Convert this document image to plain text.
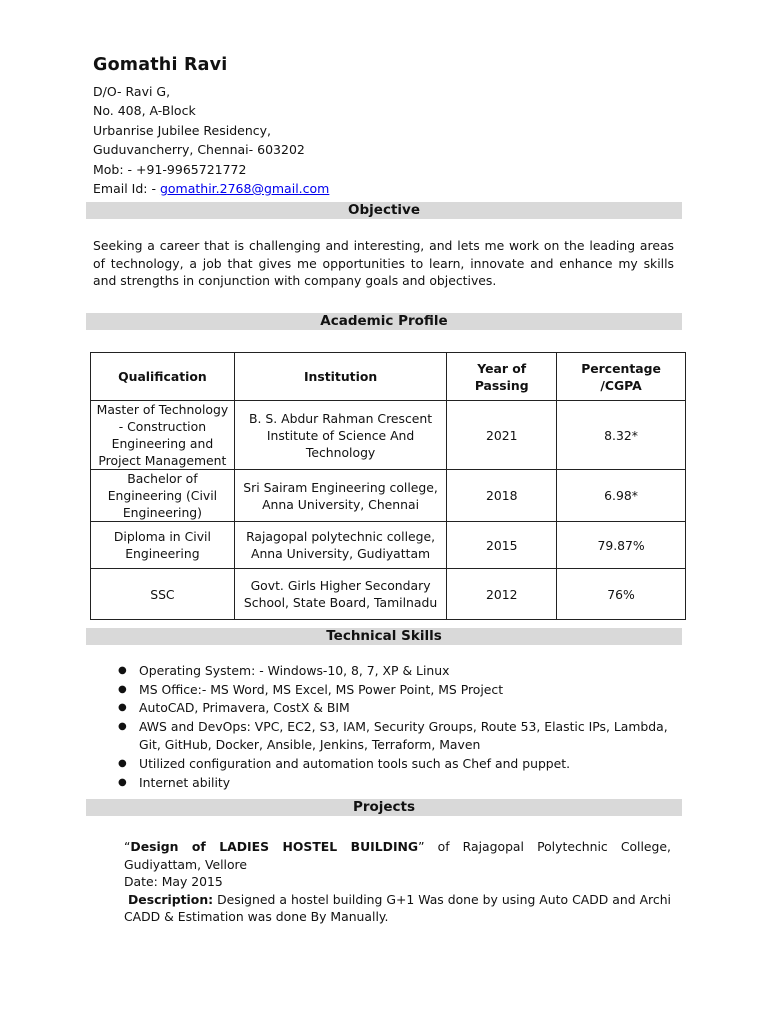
Gomathi Ravi
D/O- Ravi G,
No. 408, A-Block
Urbanrise Jubilee Residency,
Guduvancherry, Chennai- 603202
Mob: - +91-9965721772
Email Id: - gomathir.2768@gmail.com
Objective
Seeking a career that is challenging and interesting, and lets me work on the leading areas of technology, a job that gives me opportunities to learn, innovate and enhance my skills and strengths in conjunction with company goals and objectives.
Academic Profile
Qualification	Institution	Year of Passing	Percentage /CGPA
Master of Technology - Construction Engineering and Project Management	B. S. Abdur Rahman Crescent Institute of Science And Technology	2021	8.32*
Bachelor of Engineering (Civil Engineering)	Sri Sairam Engineering college, Anna University, Chennai	2018	6.98*
Diploma in Civil Engineering	Rajagopal polytechnic college, Anna University, Gudiyattam	2015	79.87%
SSC	Govt. Girls Higher Secondary School, State Board, Tamilnadu	2012	76%
Technical Skills
● Operating System: - Windows-10, 8, 7, XP & Linux
● MS Office:- MS Word, MS Excel, MS Power Point, MS Project
● AutoCAD, Primavera, CostX & BIM
● AWS and DevOps: VPC, EC2, S3, IAM, Security Groups, Route 53, Elastic IPs, Lambda, Git, GitHub, Docker, Ansible, Jenkins, Terraform, Maven
● Utilized configuration and automation tools such as Chef and puppet.
● Internet ability
Projects
“Design of LADIES HOSTEL BUILDING” of Rajagopal Polytechnic College, Gudiyattam, Vellore
Date: May 2015
Description: Designed a hostel building G+1 Was done by using Auto CADD and Archi CADD & Estimation was done By Manually.
